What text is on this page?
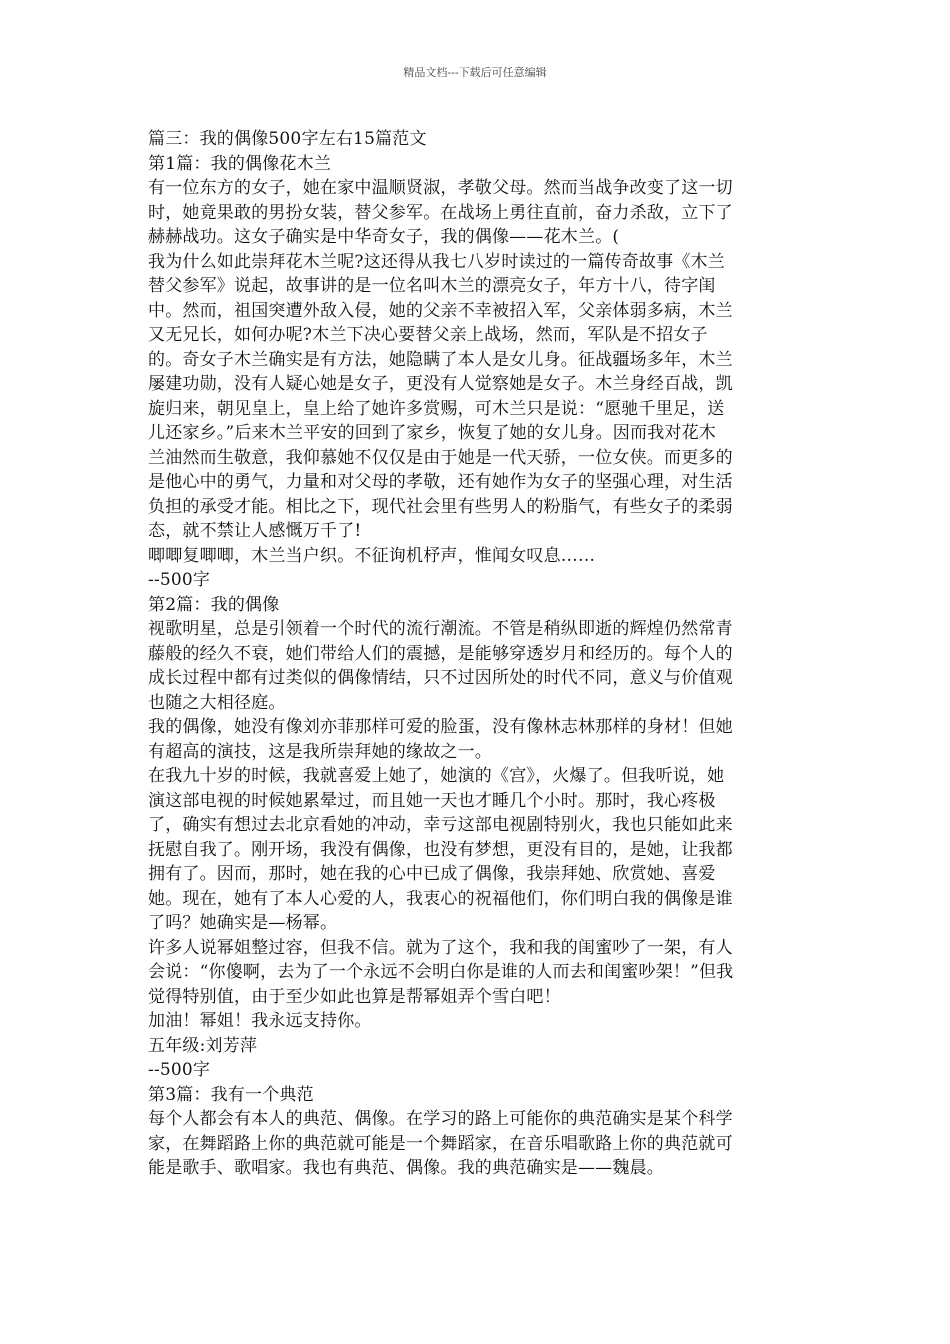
精品文档---下载后可任意编辑
篇三：我的偶像500字左右15篇范文
第1篇：我的偶像花木兰
有一位东方的女子，她在家中温顺贤淑，孝敬父母。然而当战争改变了这一切
时，她竟果敢的男扮女装，替父参军。在战场上勇往直前，奋力杀敌，立下了
赫赫战功。这女子确实是中华奇女子，我的偶像——花木兰。(
我为什么如此崇拜花木兰呢?这还得从我七八岁时读过的一篇传奇故事《木兰
替父参军》说起，故事讲的是一位名叫木兰的漂亮女子，年方十八，待字闺
中。然而，祖国突遭外敌入侵，她的父亲不幸被招入军，父亲体弱多病，木兰
又无兄长，如何办呢?木兰下决心要替父亲上战场，然而，军队是不招女子
的。奇女子木兰确实是有方法，她隐瞒了本人是女儿身。征战疆场多年，木兰
屡建功勋，没有人疑心她是女子，更没有人觉察她是女子。木兰身经百战，凯
旋归来，朝见皇上，皇上给了她许多赏赐，可木兰只是说：“愿驰千里足，送
儿还家乡。”后来木兰平安的回到了家乡，恢复了她的女儿身。因而我对花木
兰油然而生敬意，我仰慕她不仅仅是由于她是一代天骄，一位女侠。而更多的
是他心中的勇气，力量和对父母的孝敬，还有她作为女子的坚强心理，对生活
负担的承受才能。相比之下，现代社会里有些男人的粉脂气，有些女子的柔弱
态，就不禁让人感慨万千了!
唧唧复唧唧，木兰当户织。不征询机杼声，惟闻女叹息……
--500字
第2篇：我的偶像
视歌明星，总是引领着一个时代的流行潮流。不管是稍纵即逝的辉煌仍然常青
藤般的经久不衰，她们带给人们的震撼，是能够穿透岁月和经历的。每个人的
成长过程中都有过类似的偶像情结，只不过因所处的时代不同，意义与价值观
也随之大相径庭。
我的偶像，她没有像刘亦菲那样可爱的脸蛋，没有像林志林那样的身材！但她
有超高的演技，这是我所崇拜她的缘故之一。
在我九十岁的时候，我就喜爱上她了，她演的《宫》，火爆了。但我听说，她
演这部电视的时候她累晕过，而且她一天也才睡几个小时。那时，我心疼极
了，确实有想过去北京看她的冲动，幸亏这部电视剧特别火，我也只能如此来
抚慰自我了。刚开场，我没有偶像，也没有梦想，更没有目的，是她，让我都
拥有了。因而，那时，她在我的心中已成了偶像，我崇拜她、欣赏她、喜爱
她。现在，她有了本人心爱的人，我衷心的祝福他们，你们明白我的偶像是谁
了吗？她确实是—杨幂。
许多人说幂姐整过容，但我不信。就为了这个，我和我的闺蜜吵了一架，有人
会说：“你傻啊，去为了一个永远不会明白你是谁的人而去和闺蜜吵架！”但我
觉得特别值，由于至少如此也算是帮幂姐弄个雪白吧！
加油！幂姐！我永远支持你。
五年级:刘芳萍
--500字
第3篇：我有一个典范
每个人都会有本人的典范、偶像。在学习的路上可能你的典范确实是某个科学
家，在舞蹈路上你的典范就可能是一个舞蹈家，在音乐唱歌路上你的典范就可
能是歌手、歌唱家。我也有典范、偶像。我的典范确实是——魏晨。
